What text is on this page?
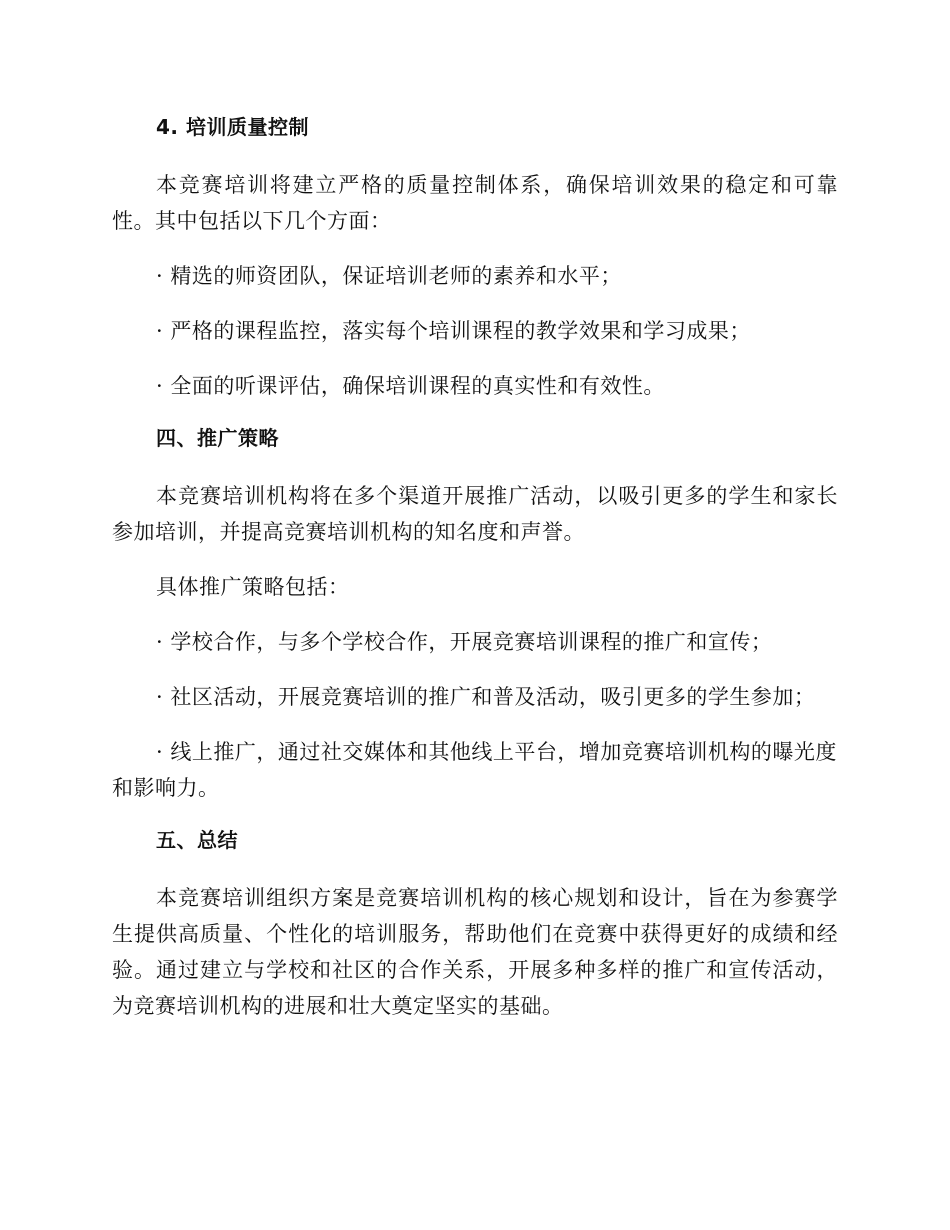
4. 培训质量控制
本竞赛培训将建立严格的质量控制体系，确保培训效果的稳定和可靠性。其中包括以下几个方面：
· 精选的师资团队，保证培训老师的素养和水平；
· 严格的课程监控，落实每个培训课程的教学效果和学习成果；
· 全面的听课评估，确保培训课程的真实性和有效性。
四、推广策略
本竞赛培训机构将在多个渠道开展推广活动，以吸引更多的学生和家长参加培训，并提高竞赛培训机构的知名度和声誉。
具体推广策略包括：
· 学校合作，与多个学校合作，开展竞赛培训课程的推广和宣传；
· 社区活动，开展竞赛培训的推广和普及活动，吸引更多的学生参加；
· 线上推广，通过社交媒体和其他线上平台，增加竞赛培训机构的曝光度和影响力。
五、总结
本竞赛培训组织方案是竞赛培训机构的核心规划和设计，旨在为参赛学生提供高质量、个性化的培训服务，帮助他们在竞赛中获得更好的成绩和经验。通过建立与学校和社区的合作关系，开展多种多样的推广和宣传活动，为竞赛培训机构的进展和壮大奠定坚实的基础。
